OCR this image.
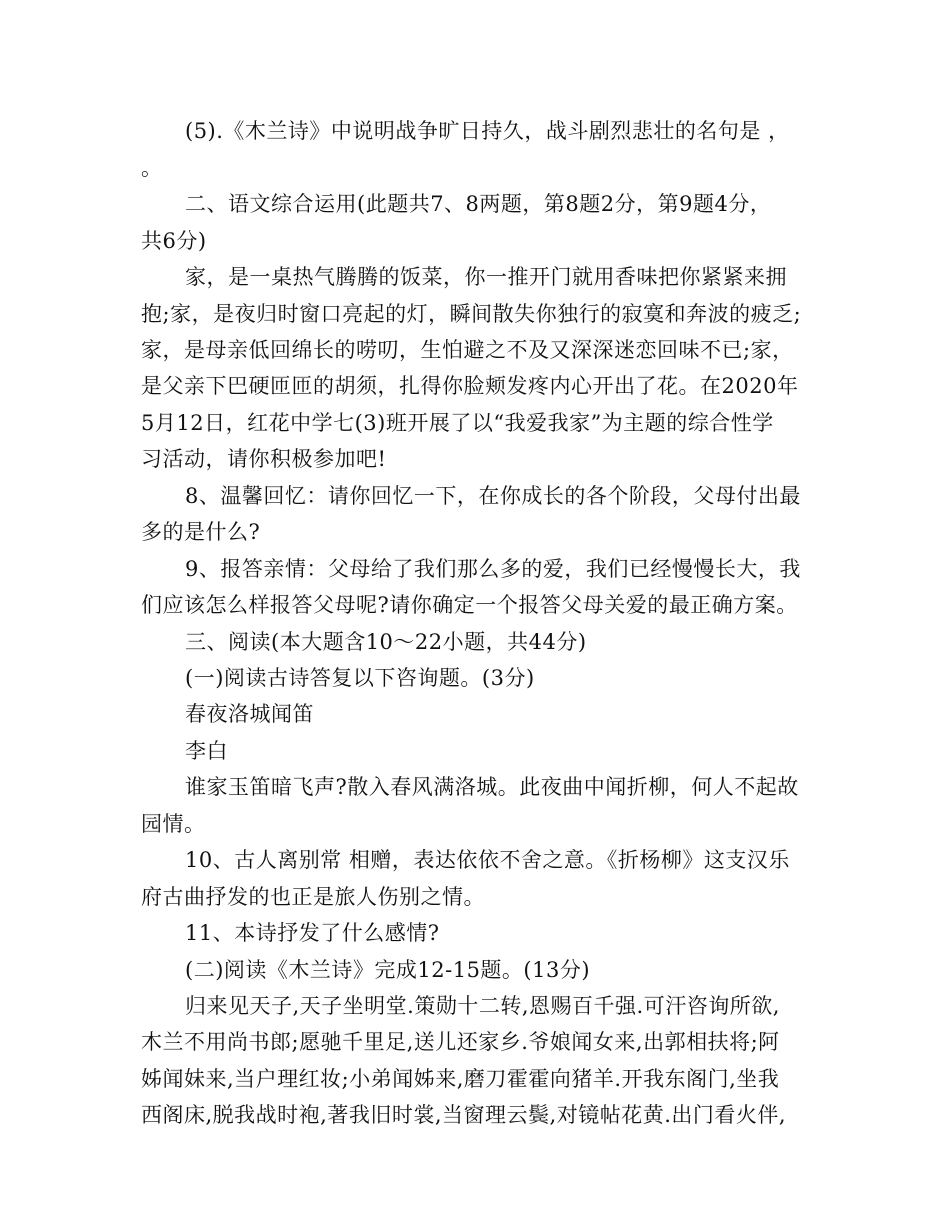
(5).《木兰诗》中说明战争旷日持久，战斗剧烈悲壮的名句是 ，
。
二、语文综合运用(此题共7、8两题，第8题2分，第9题4分，
共6分)
家，是一桌热气腾腾的饭菜，你一推开门就用香味把你紧紧来拥
抱;家，是夜归时窗口亮起的灯，瞬间散失你独行的寂寞和奔波的疲乏;
家，是母亲低回绵长的唠叨，生怕避之不及又深深迷恋回味不已;家，
是父亲下巴硬匝匝的胡须，扎得你脸颊发疼内心开出了花。在2020年
5月12日，红花中学七(3)班开展了以“我爱我家”为主题的综合性学
习活动，请你积极参加吧!
8、温馨回忆：请你回忆一下，在你成长的各个阶段，父母付出最
多的是什么?
9、报答亲情：父母给了我们那么多的爱，我们已经慢慢长大，我
们应该怎么样报答父母呢?请你确定一个报答父母关爱的最正确方案。
三、阅读(本大题含10～22小题，共44分)
(一)阅读古诗答复以下咨询题。(3分)
春夜洛城闻笛
李白
谁家玉笛暗飞声?散入春风满洛城。此夜曲中闻折柳，何人不起故
园情。
10、古人离别常 相赠，表达依依不舍之意。《折杨柳》这支汉乐
府古曲抒发的也正是旅人伤别之情。
11、本诗抒发了什么感情?
(二)阅读《木兰诗》完成12-15题。(13分)
归来见天子,天子坐明堂.策勋十二转,恩赐百千强.可汗咨询所欲,
木兰不用尚书郎;愿驰千里足,送儿还家乡.爷娘闻女来,出郭相扶将;阿
姊闻妹来,当户理红妆;小弟闻姊来,磨刀霍霍向猪羊.开我东阁门,坐我
西阁床,脱我战时袍,著我旧时裳,当窗理云鬓,对镜帖花黄.出门看火伴,
